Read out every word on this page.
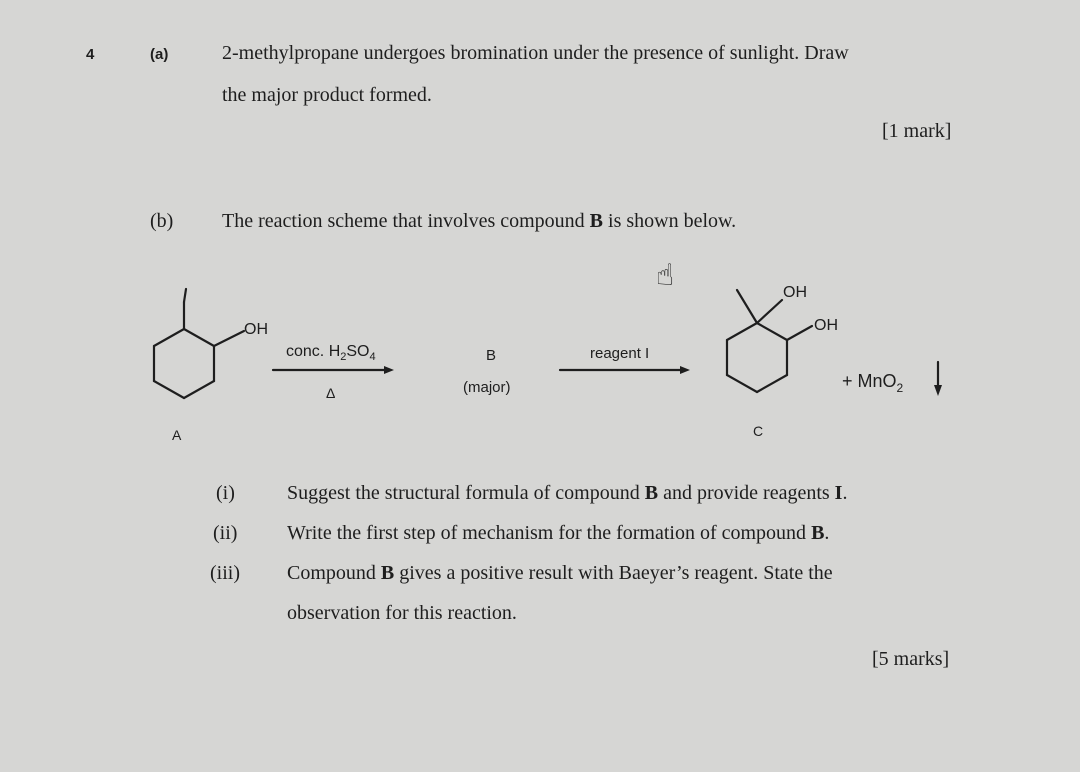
4	(a)	2-methylpropane undergoes bromination under the presence of sunlight. Draw
the major product formed.
[1 mark]
(b) The reaction scheme that involves compound B is shown below.
☝
OH
A
conc. $H_2SO_4$
Δ
B
(major)
reagent I
OH
OH
C
+ MnO$_2$
(i)	Suggest the structural formula of compound B and provide reagents I.
(ii) Write the first step of mechanism for the formation of compound B.
(iii) Compound B gives a positive result with Baeyer’s reagent. State the
observation for this reaction.
[5 marks]
